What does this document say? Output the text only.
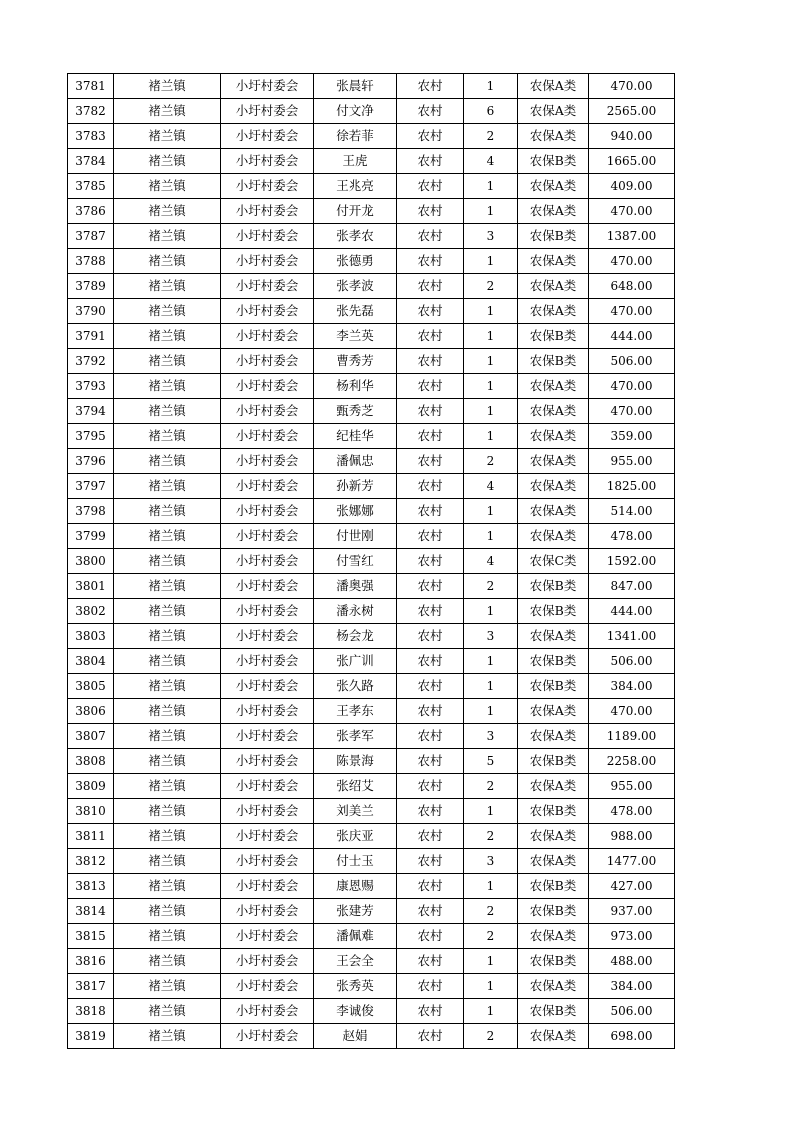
3781	褚兰镇	小圩村委会	张晨轩	农村	1	农保A类	470.00
3782	褚兰镇	小圩村委会	付文净	农村	6	农保A类	2565.00
3783	褚兰镇	小圩村委会	徐若菲	农村	2	农保A类	940.00
3784	褚兰镇	小圩村委会	王虎	农村	4	农保B类	1665.00
3785	褚兰镇	小圩村委会	王兆亮	农村	1	农保A类	409.00
3786	褚兰镇	小圩村委会	付开龙	农村	1	农保A类	470.00
3787	褚兰镇	小圩村委会	张孝农	农村	3	农保B类	1387.00
3788	褚兰镇	小圩村委会	张德勇	农村	1	农保A类	470.00
3789	褚兰镇	小圩村委会	张孝波	农村	2	农保A类	648.00
3790	褚兰镇	小圩村委会	张先磊	农村	1	农保A类	470.00
3791	褚兰镇	小圩村委会	李兰英	农村	1	农保B类	444.00
3792	褚兰镇	小圩村委会	曹秀芳	农村	1	农保B类	506.00
3793	褚兰镇	小圩村委会	杨利华	农村	1	农保A类	470.00
3794	褚兰镇	小圩村委会	甄秀芝	农村	1	农保A类	470.00
3795	褚兰镇	小圩村委会	纪桂华	农村	1	农保A类	359.00
3796	褚兰镇	小圩村委会	潘佩忠	农村	2	农保A类	955.00
3797	褚兰镇	小圩村委会	孙新芳	农村	4	农保A类	1825.00
3798	褚兰镇	小圩村委会	张娜娜	农村	1	农保A类	514.00
3799	褚兰镇	小圩村委会	付世刚	农村	1	农保A类	478.00
3800	褚兰镇	小圩村委会	付雪红	农村	4	农保C类	1592.00
3801	褚兰镇	小圩村委会	潘奥强	农村	2	农保B类	847.00
3802	褚兰镇	小圩村委会	潘永树	农村	1	农保B类	444.00
3803	褚兰镇	小圩村委会	杨会龙	农村	3	农保A类	1341.00
3804	褚兰镇	小圩村委会	张广训	农村	1	农保B类	506.00
3805	褚兰镇	小圩村委会	张久路	农村	1	农保B类	384.00
3806	褚兰镇	小圩村委会	王孝东	农村	1	农保A类	470.00
3807	褚兰镇	小圩村委会	张孝军	农村	3	农保A类	1189.00
3808	褚兰镇	小圩村委会	陈景海	农村	5	农保B类	2258.00
3809	褚兰镇	小圩村委会	张绍艾	农村	2	农保A类	955.00
3810	褚兰镇	小圩村委会	刘美兰	农村	1	农保B类	478.00
3811	褚兰镇	小圩村委会	张庆亚	农村	2	农保A类	988.00
3812	褚兰镇	小圩村委会	付士玉	农村	3	农保A类	1477.00
3813	褚兰镇	小圩村委会	康恩赐	农村	1	农保B类	427.00
3814	褚兰镇	小圩村委会	张建芳	农村	2	农保B类	937.00
3815	褚兰镇	小圩村委会	潘佩难	农村	2	农保A类	973.00
3816	褚兰镇	小圩村委会	王会全	农村	1	农保B类	488.00
3817	褚兰镇	小圩村委会	张秀英	农村	1	农保A类	384.00
3818	褚兰镇	小圩村委会	李诚俊	农村	1	农保B类	506.00
3819	褚兰镇	小圩村委会	赵娟	农村	2	农保A类	698.00
